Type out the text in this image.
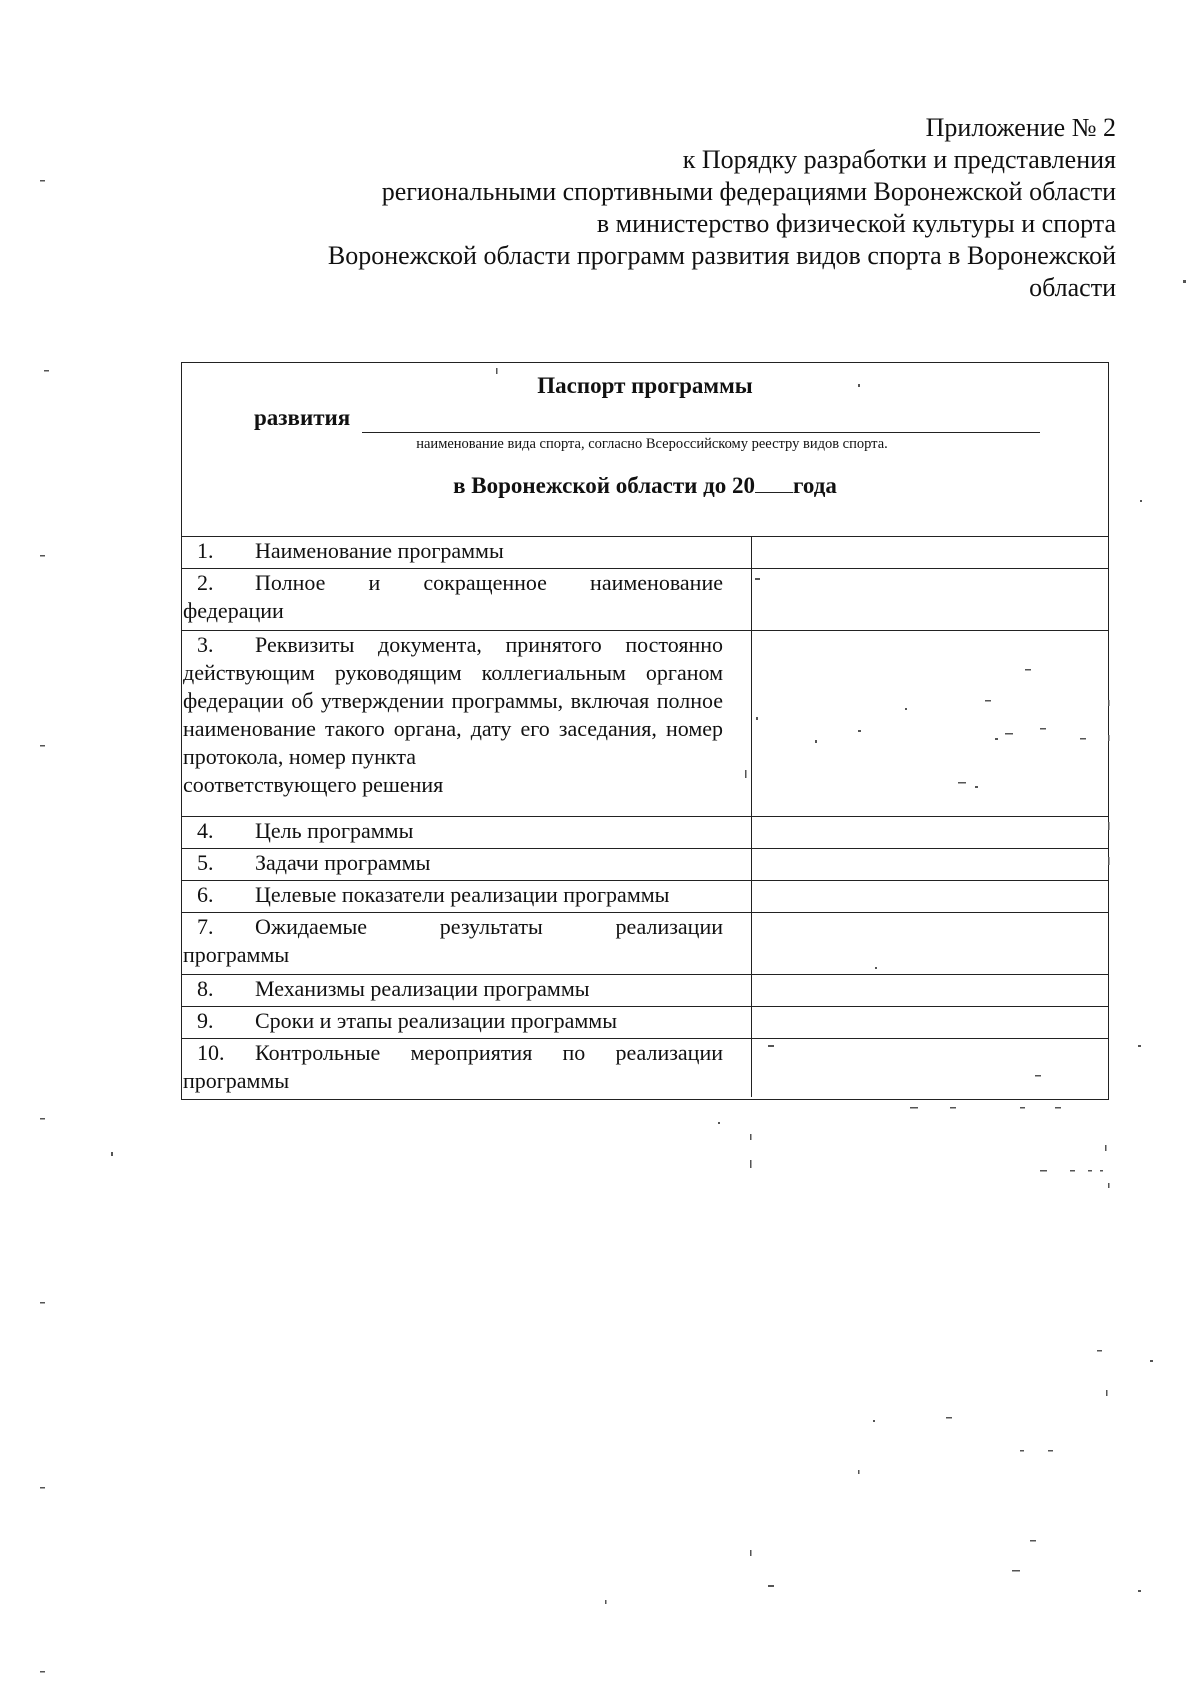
Приложение № 2
к Порядку разработки и представления
региональными спортивными федерациями Воронежской области
в министерство физической культуры и спорта
Воронежской области программ развития видов спорта в Воронежской
области
Паспорт программы
развития
наименование вида спорта, согласно Всероссийскому реестру видов спорта.
в Воронежской области до 20 года
1. Наименование программы
2. Полное и сокращенное наименование
федерации
3. Реквизиты документа, принятого постоянно действующим руководящим коллегиальным органом федерации об утверждении программы, включая полное наименование такого органа, дату его заседания, номер протокола, номер пункта
соответствующего решения
4. Цель программы
5. Задачи программы
6. Целевые показатели реализации программы
7. Ожидаемые результаты реализации
программы
8. Механизмы реализации программы
9. Сроки и этапы реализации программы
10. Контрольные мероприятия по реализации
программы
